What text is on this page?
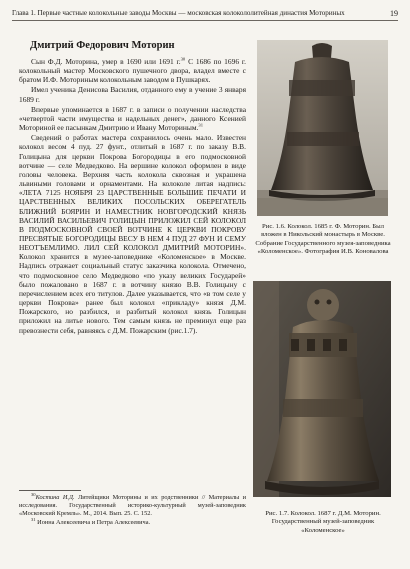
Глава 1. Первые частные колокольные заводы Москвы — московская колокололитейная династия Моториных	19
Дмитрий Федорович Моторин

Сын Ф.Д. Моторина, умер в 1690 или 1691 г.$^{30}$ С 1686 по 1696 г. колокольный мастер Московского пушечного двора, владел вместе с братом И.Ф. Моториным колокольным заводом в Пушкарях.

Имел ученика Денисова Василия, отданного ему в учение 3 января 1689 г.

Впервые упоминается в 1687 г. в записи о получении наследства «четвертой части имущества и надельных денег», данного Ксенией Моториной ее пасынкам Дмитрию и Ивану Моториным.$^{31}$

Сведений о работах мастера сохранилось очень мало. Известен колокол весом 4 пуд. 27 фунт., отлитый в 1687 г. по заказу В.В. Голицына для церкви Покрова Богородицы в его подмосковной вотчине — селе Медведково. На вершине колокол оформлен в виде головы человека. Верхняя часть колокола сквозная и украшена львиными головами и орнаментами. На колоколе литая надпись: «ЛЕТА 7125 НОЯБРЯ 23 ЦАРСТВЕННЫЕ БОЛЬШИЕ ПЕЧАТИ И ЦАРСТВЕННЫХ ВЕЛИКИХ ПОСОЛЬСКИХ ОБЕРЕГАТЕЛЬ БЛИЖНИЙ БОЯРИН И НАМЕСТНИК НОВГОРОДСКИЙ КНЯЗЬ ВАСИЛИЙ ВАСИЛЬЕВИЧ ГОЛИЦЫН ПРИЛОЖИЛ СЕЙ КОЛОКОЛ В ПОДМОСКОВНОЙ СВОЕЙ ВОТЧИНЕ К ЦЕРКВИ ПОКРОВУ ПРЕСВЯТЫЕ БОГОРОДИЦЫ ВЕСУ В НЕМ 4 ПУД 27 ФУН И СЕМУ НЕОТЪЕМЛИМО. ЛИЛ СЕЙ КОЛОКОЛ ДМИТРИЙ МОТОРИН». Колокол хранится в музее-заповеднике «Коломенское» в Москве. Надпись отражает социальный статус заказчика колокола. Отмечено, что подмосковное село Медведково «по указу великих Государей» было пожаловано в 1687 г. в вотчину князю В.В. Голицыну с перечислением всех его титулов. Далее указывается, что «в том селе у церкви Покрова» ранее был колокол «прикладу» князя Д.М. Пожарского, но разбился, и разбитый колокол князь Голицын приложил на литье нового. Тем самым князь не преминул еще раз превознести себя, равняясь с Д.М. Пожарским (рис.1.7).

$^{30}$Костина И.Д. Литейщики Моторины и их родственники // Материалы и исследования. Государственный историко-культурный музей-заповедник «Московский Кремль». М., 2014. Вып. 25. С. 152.

$^{31}$ Ионна Алексеевича и Петра Алексеевича.

Рис. 1.6. Колокол. 1685 г. Ф. Моторин. Был вложен в Никольский монастырь в Москве. Собрание Государственного музея-заповедника «Коломенское». Фотография И.В. Коновалова
Рис. 1.7. Колокол. 1687 г. Д.М. Моторин. Государственный музей-заповедник «Коломенское»
